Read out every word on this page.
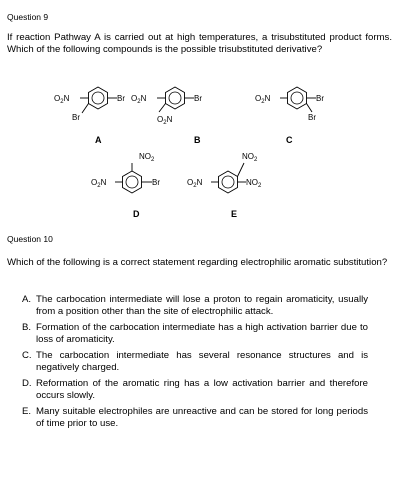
Question 9
If reaction Pathway A is carried out at high temperatures, a trisubstituted product forms. Which of the following compounds is the possible trisubstituted derivative?
$O_2N$	Br
Br
A
$O_2N$	Br
$O_2N$
B
$O_2N$	Br
Br
C
$O_2N$	Br
$NO_2$
D
$O_2N$	$NO_2$
$NO_2$
E
Question 10
Which of the following is a correct statement regarding electrophilic aromatic substitution?
A. The carbocation intermediate will lose a proton to regain aromaticity, usually from a position other than the site of electrophilic attack.
B. Formation of the carbocation intermediate has a high activation barrier due to loss of aromaticity.
C. The carbocation intermediate has several resonance structures and is negatively charged.
D. Reformation of the aromatic ring has a low activation barrier and therefore occurs slowly.
E. Many suitable electrophiles are unreactive and can be stored for long periods of time prior to use.
